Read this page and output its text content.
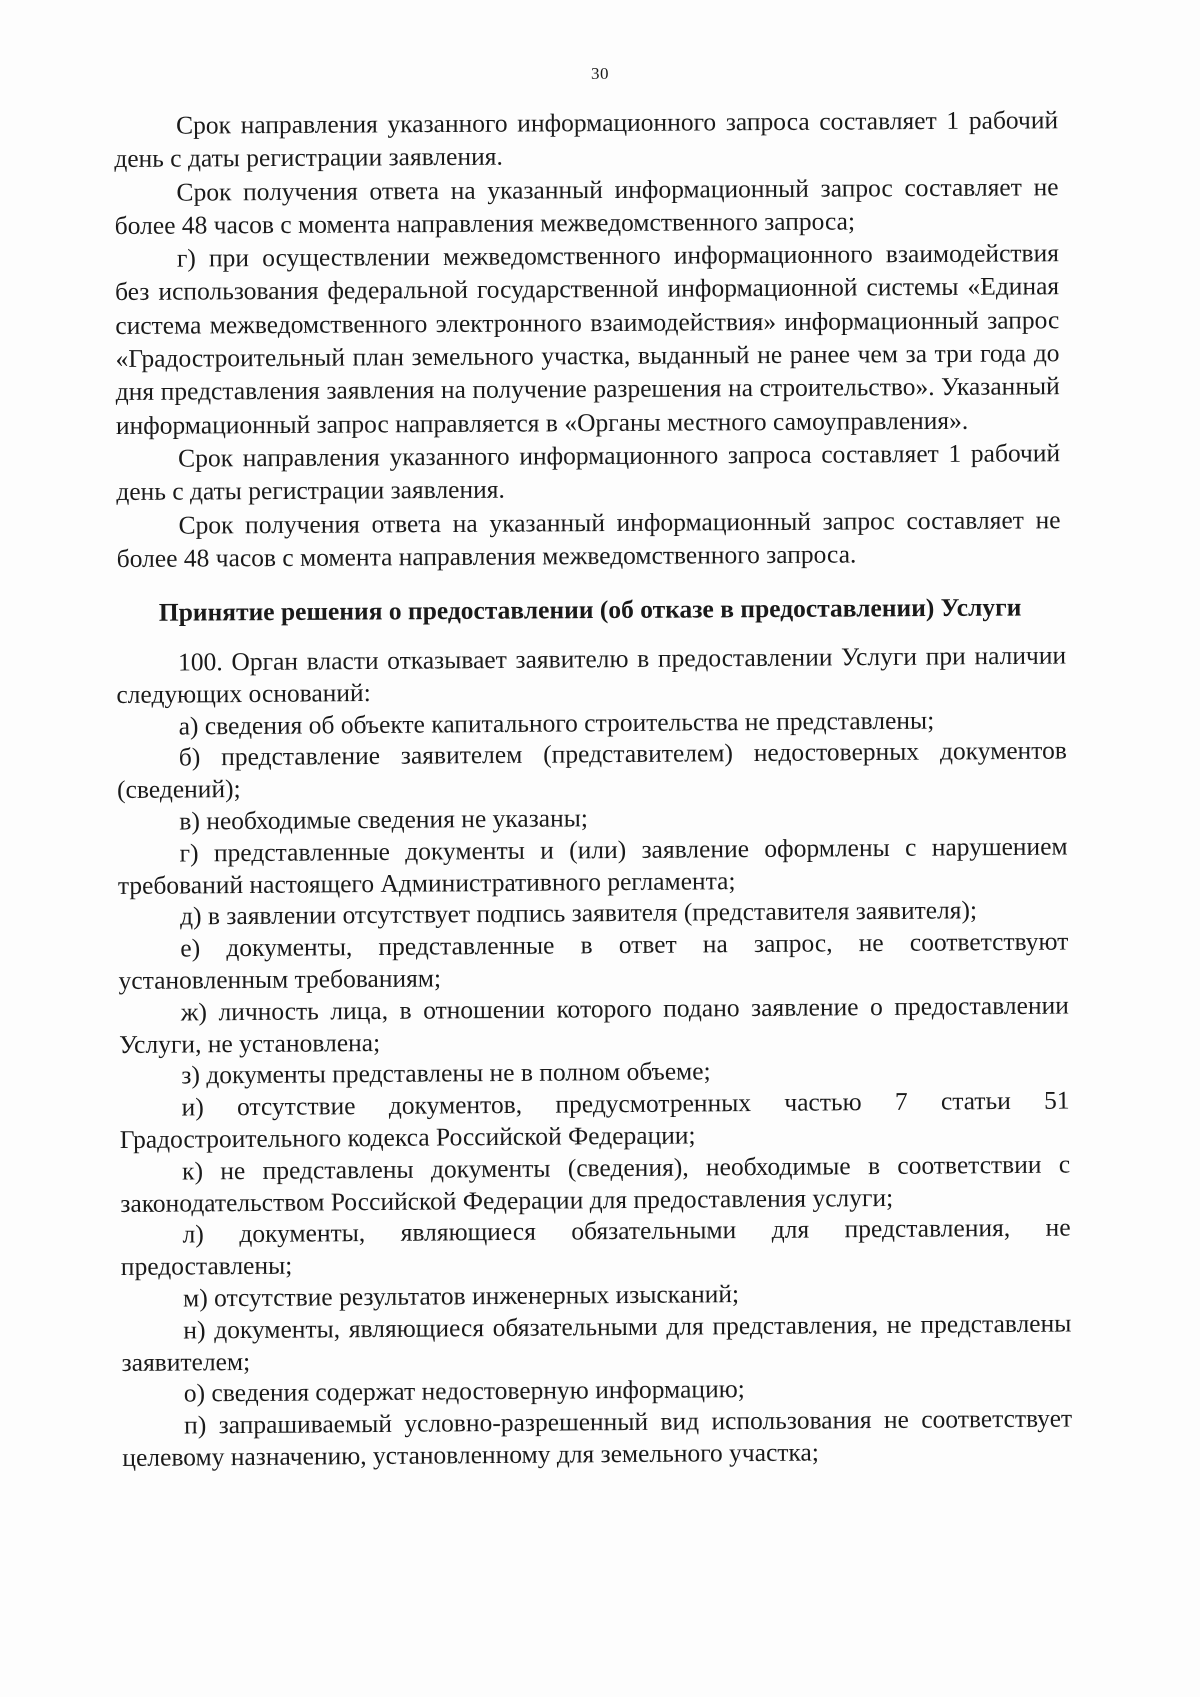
30

Срок направления указанного информационного запроса составляет 1 рабочий день с даты регистрации заявления.

Срок получения ответа на указанный информационный запрос составляет не более 48 часов с момента направления межведомственного запроса;

г) при осуществлении межведомственного информационного взаимодействия без использования федеральной государственной информационной системы «Единая система межведомственного электронного взаимодействия» информационный запрос «Градостроительный план земельного участка, выданный не ранее чем за три года до дня представления заявления на получение разрешения на строительство». Указанный информационный запрос направляется в «Органы местного самоуправления».

Срок направления указанного информационного запроса составляет 1 рабочий день с даты регистрации заявления.

Срок получения ответа на указанный информационный запрос составляет не более 48 часов с момента направления межведомственного запроса.

Принятие решения о предоставлении (об отказе в предоставлении) Услуги

100. Орган власти отказывает заявителю в предоставлении Услуги при наличии следующих оснований:

а) сведения об объекте капитального строительства не представлены;

б) представление заявителем (представителем) недостоверных документов (сведений);

в) необходимые сведения не указаны;

г) представленные документы и (или) заявление оформлены с нарушением требований настоящего Административного регламента;

д) в заявлении отсутствует подпись заявителя (представителя заявителя);

е) документы, представленные в ответ на запрос, не соответствуют установленным требованиям;

ж) личность лица, в отношении которого подано заявление о предоставлении Услуги, не установлена;

з) документы представлены не в полном объеме;

и) отсутствие документов, предусмотренных частью 7 статьи 51 Градостроительного кодекса Российской Федерации;

к) не представлены документы (сведения), необходимые в соответствии с законодательством Российской Федерации для предоставления услуги;

л) документы, являющиеся обязательными для представления, не предоставлены;

м) отсутствие результатов инженерных изысканий;

н) документы, являющиеся обязательными для представления, не представлены заявителем;

о) сведения содержат недостоверную информацию;

п) запрашиваемый условно-разрешенный вид использования не соответствует целевому назначению, установленному для земельного участка;
